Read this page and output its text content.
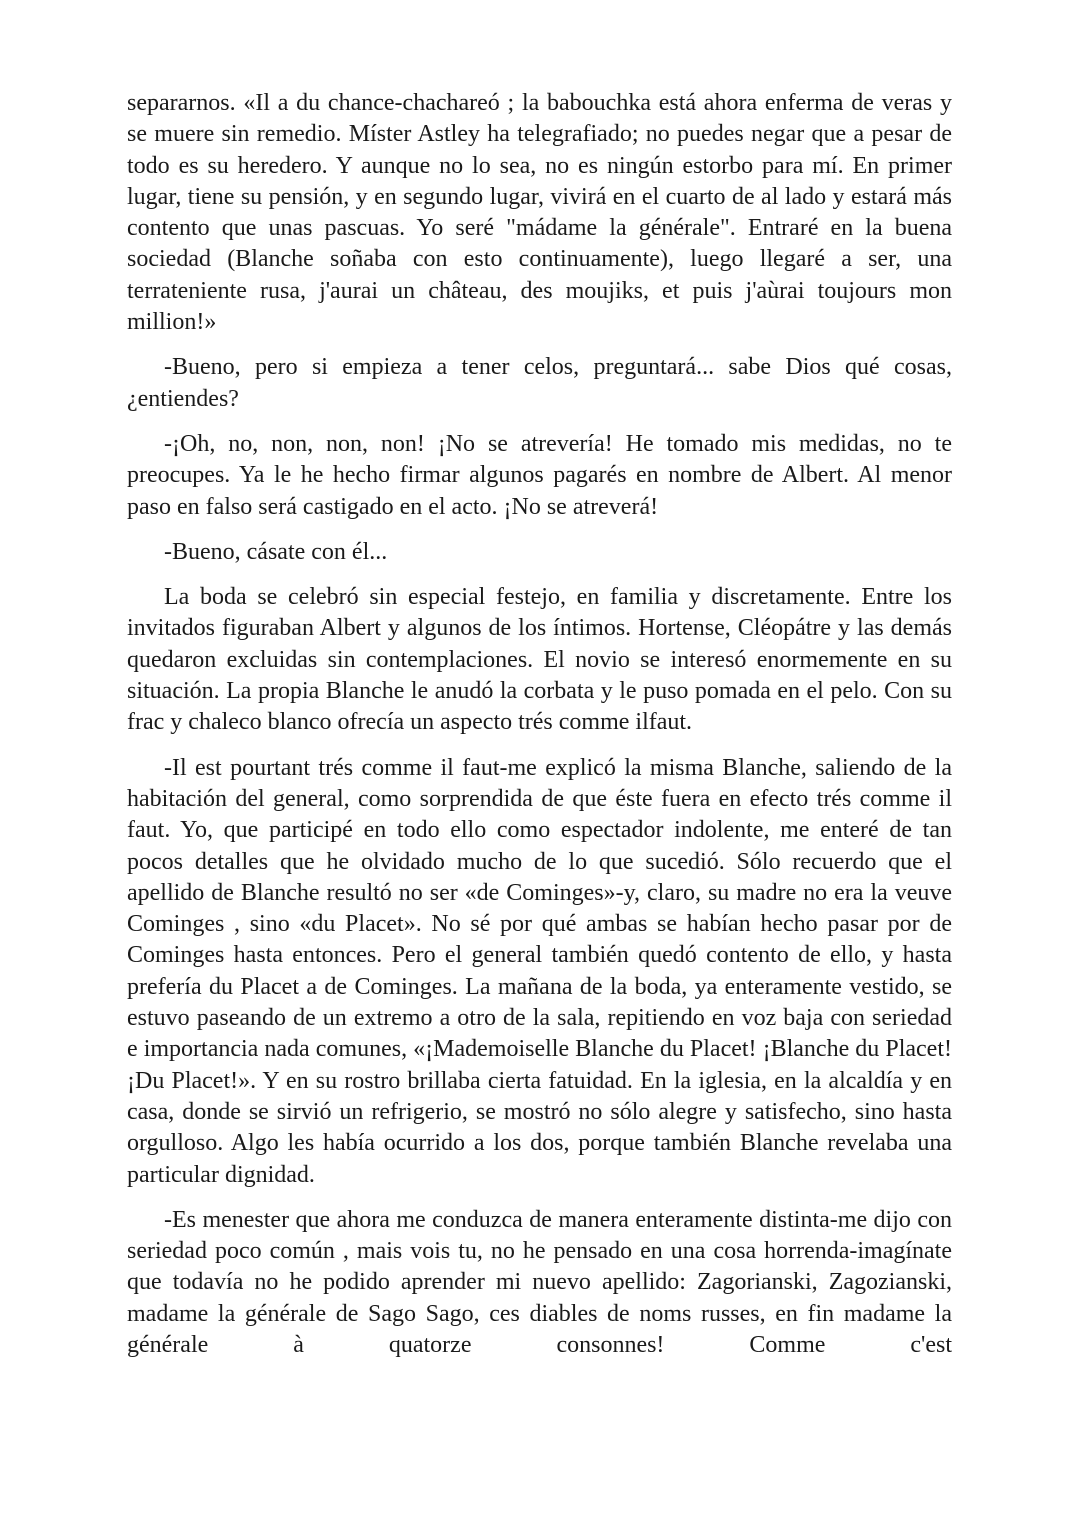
separarnos. «Il a du chance-chachareó ; la babouchka está ahora enferma de veras y se muere sin remedio. Míster Astley ha telegrafiado; no puedes negar que a pesar de todo es su heredero. Y aunque no lo sea, no es ningún estorbo para mí. En primer lugar, tiene su pensión, y en segundo lugar, vivirá en el cuarto de al lado y estará más contento que unas pascuas. Yo seré "mádame la générale". Entraré en la buena sociedad (Blanche soñaba con esto continuamente), luego llegaré a ser, una terrateniente rusa, j'aurai un château, des moujiks, et puis j'aùrai toujours mon million!»

-Bueno, pero si empieza a tener celos, preguntará... sabe Dios qué cosas, ¿entiendes?

-¡Oh, no, non, non, non! ¡No se atrevería! He tomado mis medidas, no te preocupes. Ya le he hecho firmar algunos pagarés en nombre de Albert. Al menor paso en falso será castigado en el acto. ¡No se atreverá!

-Bueno, cásate con él...

La boda se celebró sin especial festejo, en familia y discretamente. Entre los invitados figuraban Albert y algunos de los íntimos. Hortense, Cléopátre y las demás quedaron excluidas sin contemplaciones. El novio se interesó enormemente en su situación. La propia Blanche le anudó la corbata y le puso pomada en el pelo. Con su frac y chaleco blanco ofrecía un aspecto trés comme ilfaut.

-Il est pourtant trés comme il faut-me explicó la misma Blanche, saliendo de la habitación del general, como sorprendida de que éste fuera en efecto trés comme il faut. Yo, que participé en todo ello como espectador indolente, me enteré de tan pocos detalles que he olvidado mucho de lo que sucedió. Sólo recuerdo que el apellido de Blanche resultó no ser «de Cominges»-y, claro, su madre no era la veuve Cominges , sino «du Placet». No sé por qué ambas se habían hecho pasar por de Cominges hasta entonces. Pero el general también quedó contento de ello, y hasta prefería du Placet a de Cominges. La mañana de la boda, ya enteramente vestido, se estuvo paseando de un extremo a otro de la sala, repitiendo en voz baja con seriedad e importancia nada comunes, «¡Mademoiselle Blanche du Placet! ¡Blanche du Placet! ¡Du Placet!». Y en su rostro brillaba cierta fatuidad. En la iglesia, en la alcaldía y en casa, donde se sirvió un refrigerio, se mostró no sólo alegre y satisfecho, sino hasta orgulloso. Algo les había ocurrido a los dos, porque también Blanche revelaba una particular dignidad.

-Es menester que ahora me conduzca de manera enteramente distinta-me dijo con seriedad poco común , mais vois tu, no he pensado en una cosa horrenda-imagínate que todavía no he podido aprender mi nuevo apellido: Zagorianski, Zagozianski, madame la générale de Sago Sago, ces diables de noms russes, en fin madame la générale à quatorze consonnes! Comme c'est
